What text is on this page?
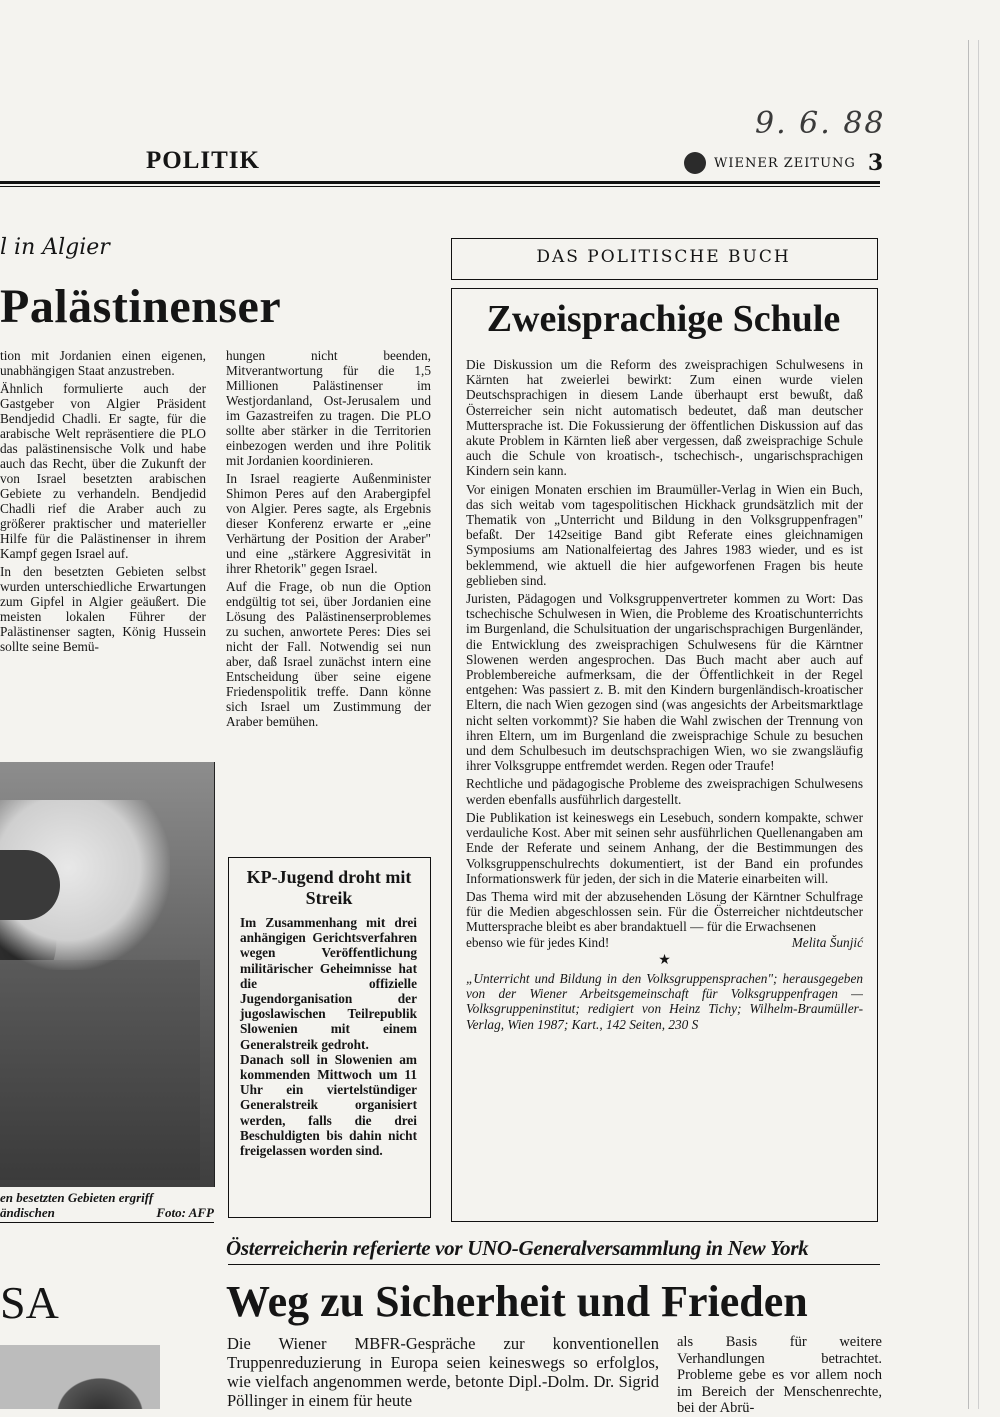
9. 6. 88
POLITIK	WIENER ZEITUNG 3
l in Algier
Palästinenser

tion mit Jordanien einen eigenen, unabhängigen Staat anzustreben.

Ähnlich formulierte auch der Gastgeber von Algier Präsident Bendjedid Chadli. Er sagte, für die arabische Welt repräsentiere die PLO das palästinensische Volk und habe auch das Recht, über die Zukunft der von Israel besetzten arabischen Gebiete zu verhandeln. Bendjedid Chadli rief die Araber auch zu größerer praktischer und materieller Hilfe für die Palästinenser in ihrem Kampf gegen Israel auf.

In den besetzten Gebieten selbst wurden unterschiedliche Erwartungen zum Gipfel in Algier geäußert. Die meisten lokalen Führer der Palästinenser sagten, König Hussein sollte seine Bemü-

hungen nicht beenden, Mitverantwortung für die 1,5 Millionen Palästinenser im Westjordanland, Ost-Jerusalem und im Gazastreifen zu tragen. Die PLO sollte aber stärker in die Territorien einbezogen werden und ihre Politik mit Jordanien koordinieren.

In Israel reagierte Außenminister Shimon Peres auf den Arabergipfel von Algier. Peres sagte, als Ergebnis dieser Konferenz erwarte er „eine Verhärtung der Position der Araber" und eine „stärkere Aggresivität in ihrer Rhetorik" gegen Israel.

Auf die Frage, ob nun die Option endgültig tot sei, über Jordanien eine Lösung des Palästinenserproblemes zu suchen, anwortete Peres: Dies sei nicht der Fall. Notwendig sei nun aber, daß Israel zunächst intern eine Entscheidung über seine eigene Friedenspolitik treffe. Dann könne sich Israel um Zustimmung der Araber bemühen.

en besetzten Gebieten ergriff
ändischen	Foto: AFP
KP-Jugend droht mit Streik

Im Zusammenhang mit drei anhängigen Gerichtsverfahren wegen Veröffentlichung militärischer Geheimnisse hat die offizielle Jugendorganisation der jugoslawischen Teilrepublik Slowenien mit einem Generalstreik gedroht.

Danach soll in Slowenien am kommenden Mittwoch um 11 Uhr ein viertelstündiger Generalstreik organisiert werden, falls die drei Beschuldigten bis dahin nicht freigelassen worden sind.

DAS POLITISCHE BUCH
Zweisprachige Schule

Die Diskussion um die Reform des zweisprachigen Schulwesens in Kärnten hat zweierlei bewirkt: Zum einen wurde vielen Deutschsprachigen in diesem Lande überhaupt erst bewußt, daß Österreicher sein nicht automatisch bedeutet, daß man deutscher Muttersprache ist. Die Fokussierung der öffentlichen Diskussion auf das akute Problem in Kärnten ließ aber vergessen, daß zweisprachige Schule auch die Schule von kroatisch-, tschechisch-, ungarischsprachigen Kindern sein kann.

Vor einigen Monaten erschien im Braumüller-Verlag in Wien ein Buch, das sich weitab vom tagespolitischen Hickhack grundsätzlich mit der Thematik von „Unterricht und Bildung in den Volksgruppenfragen" befaßt. Der 142seitige Band gibt Referate eines gleichnamigen Symposiums am Nationalfeiertag des Jahres 1983 wieder, und es ist beklemmend, wie aktuell die hier aufgeworfenen Fragen bis heute geblieben sind.

Juristen, Pädagogen und Volksgruppenvertreter kommen zu Wort: Das tschechische Schulwesen in Wien, die Probleme des Kroatischunterrichts im Burgenland, die Schulsituation der ungarischsprachigen Burgenländer, die Entwicklung des zweisprachigen Schulwesens für die Kärntner Slowenen werden angesprochen. Das Buch macht aber auch auf Problembereiche aufmerksam, die der Öffentlichkeit in der Regel entgehen: Was passiert z. B. mit den Kindern burgenländisch-kroatischer Eltern, die nach Wien gezogen sind (was angesichts der Arbeitsmarktlage nicht selten vorkommt)? Sie haben die Wahl zwischen der Trennung von ihren Eltern, um im Burgenland die zweisprachige Schule zu besuchen und dem Schulbesuch im deutschsprachigen Wien, wo sie zwangsläufig ihrer Volksgruppe entfremdet werden. Regen oder Traufe!

Rechtliche und pädagogische Probleme des zweisprachigen Schulwesens werden ebenfalls ausführlich dargestellt.

Die Publikation ist keineswegs ein Lesebuch, sondern kompakte, schwer verdauliche Kost. Aber mit seinen sehr ausführlichen Quellenangaben am Ende der Referate und seinem Anhang, der die Bestimmungen des Volksgruppenschulrechts dokumentiert, ist der Band ein profundes Informationswerk für jeden, der sich in die Materie einarbeiten will.

Das Thema wird mit der abzusehenden Lösung der Kärntner Schulfrage für die Medien abgeschlossen sein. Für die Österreicher nichtdeutscher Muttersprache bleibt es aber brandaktuell — für die Erwachsenen

ebenso wie für jedes Kind!	Melita Šunjić
★

„Unterricht und Bildung in den Volksgruppensprachen"; herausgegeben von der Wiener Arbeitsgemeinschaft für Volksgruppenfragen — Volksgruppeninstitut; redigiert von Heinz Tichy; Wilhelm-Braumüller-Verlag, Wien 1987; Kart., 142 Seiten, 230 S

Österreicherin referierte vor UNO-Generalversammlung in New York
SA	Weg zu Sicherheit und Frieden

Die Wiener MBFR-Gespräche zur konventionellen Truppenreduzierung in Europa seien keineswegs so erfolglos, wie vielfach angenommen werde, betonte Dipl.-Dolm. Dr. Sigrid Pöllinger in einem für heute

als Basis für weitere Verhandlungen betrachtet. Probleme gebe es vor allem noch im Bereich der Menschenrechte, bei der Abrü-
